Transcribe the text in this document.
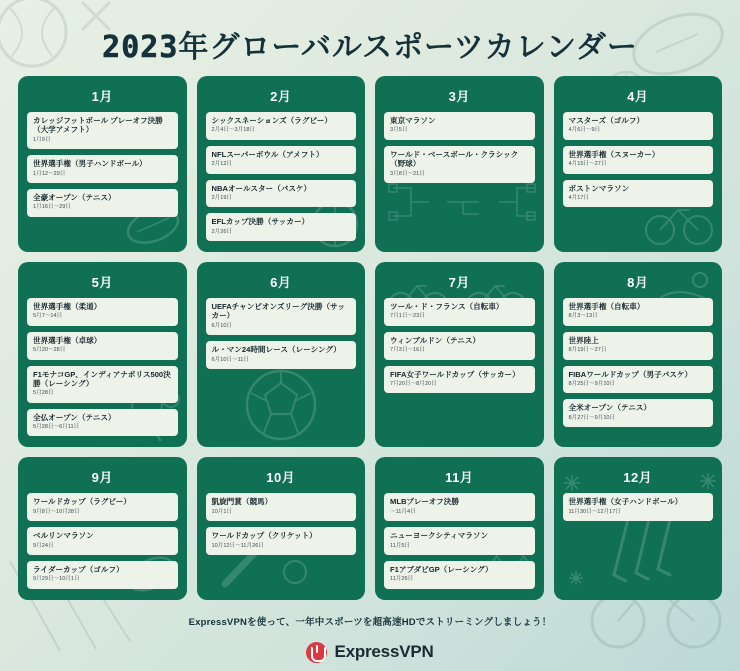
2023年グローバルスポーツカレンダー
1月
カレッジフットボール プレーオフ決勝（大学アメフト）
1月9日
世界選手権（男子ハンドボール）
1月12〜29日
全豪オープン（テニス）
1月16日〜29日
2月
シックスネーションズ（ラグビー）
2月4日〜3月18日
NFLスーパーボウル（アメフト）
2月12日
NBAオールスター（バスケ）
2月19日
EFLカップ決勝（サッカー）
2月26日
3月
東京マラソン
3月5日
ワールド・ベースボール・クラシック（野球）
3月8日〜21日
4月
マスターズ（ゴルフ）
4月6日〜9日
世界選手権（スヌーカー）
4月15日〜27日
ボストンマラソン
4月17日
5月
世界選手権（柔道）
5月7〜14日
世界選手権（卓球）
5月20〜28日
F1モナコGP、インディアナポリス500決勝（レーシング）
5月28日
全仏オープン（テニス）
5月28日〜6月11日
6月
UEFAチャンピオンズリーグ決勝（サッカー）
6月10日
ル・マン24時間レース（レーシング）
6月10日〜11日
7月
ツール・ド・フランス（自転車）
7月1日〜23日
ウィンブルドン（テニス）
7月3日〜16日
FIFA女子ワールドカップ（サッカー）
7月20日〜8月20日
8月
世界選手権（自転車）
8月3〜13日
世界陸上
8月19日〜27日
FIBAワールドカップ（男子バスケ）
8月25日〜9月10日
全米オープン（テニス）
8月27日〜9月10日
9月
ワールドカップ（ラグビー）
9月8日〜10月28日
ベルリンマラソン
9月24日
ライダーカップ（ゴルフ）
9月29日〜10月1日
10月
凱旋門賞（競馬）
10月1日
ワールドカップ（クリケット）
10月12日〜11月26日
11月
MLBプレーオフ決勝
〜11月4日
ニューヨークシティマラソン
11月5日
F1アブダビGP（レーシング）
11月26日
12月
世界選手権（女子ハンドボール）
11月30日〜12月17日
ExpressVPNを使って、一年中スポーツを超高速HDでストリーミングしましょう！
ExpressVPN
